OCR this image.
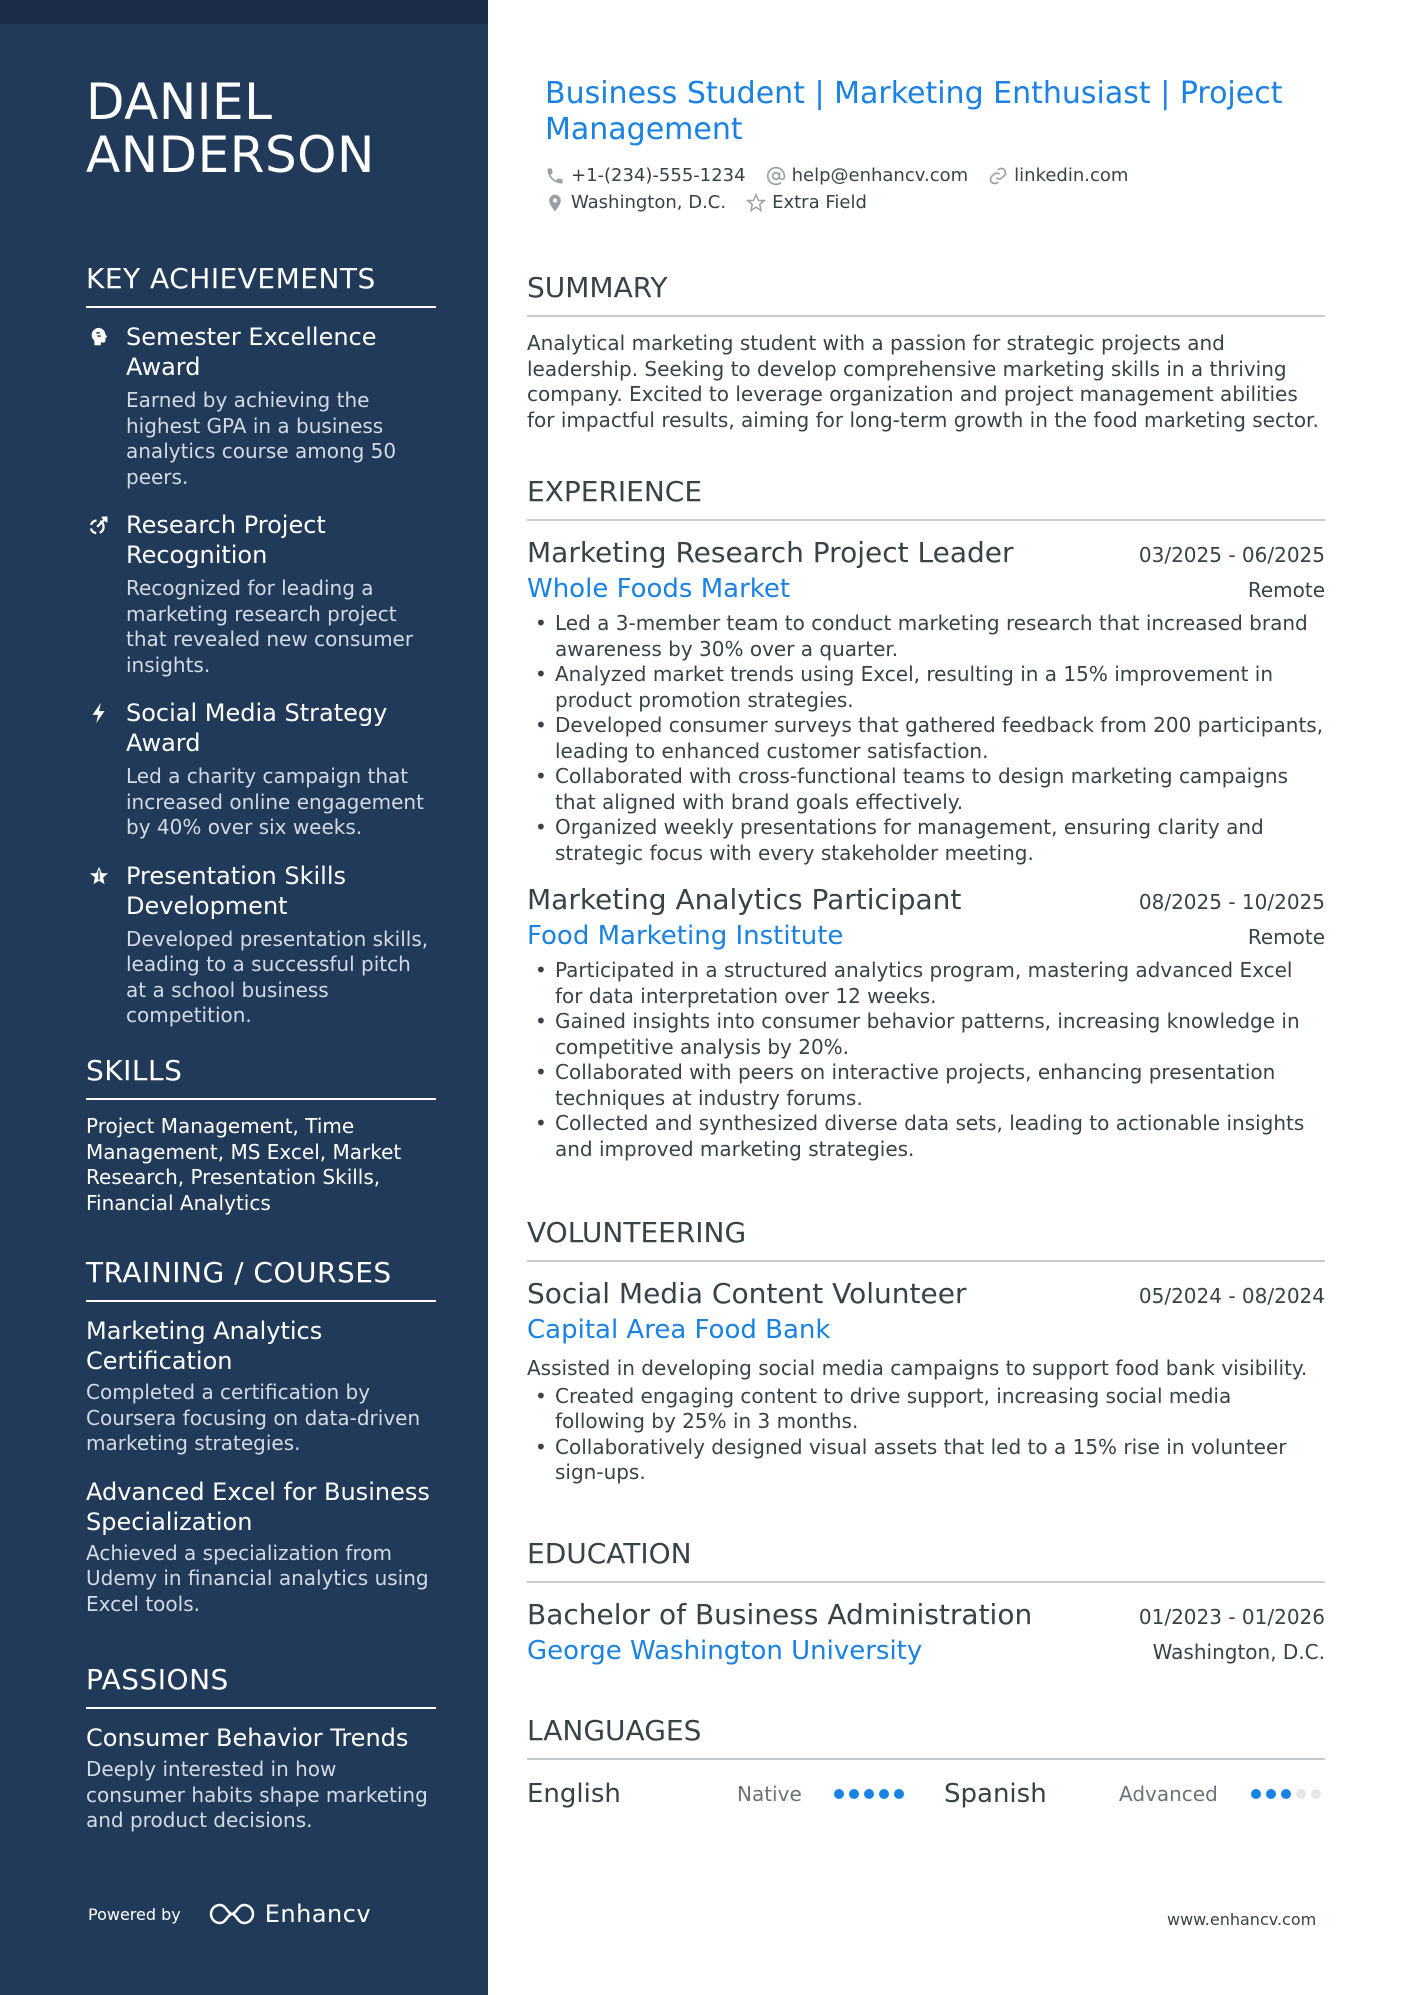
DANIEL ANDERSON
KEY ACHIEVEMENTS
Semester Excellence Award
Earned by achieving the highest GPA in a business analytics course among 50 peers.
Research Project Recognition
Recognized for leading a marketing research project that revealed new consumer insights.
Social Media Strategy Award
Led a charity campaign that increased online engagement by 40% over six weeks.
Presentation Skills Development
Developed presentation skills, leading to a successful pitch at a school business competition.
SKILLS
Project Management, Time Management, MS Excel, Market Research, Presentation Skills, Financial Analytics
TRAINING / COURSES
Marketing Analytics Certification
Completed a certification by Coursera focusing on data-driven marketing strategies.
Advanced Excel for Business Specialization
Achieved a specialization from Udemy in financial analytics using Excel tools.
PASSIONS
Consumer Behavior Trends
Deeply interested in how consumer habits shape marketing and product decisions.
Powered by	Enhancv
Business Student | Marketing Enthusiast | Project Management
+1-(234)-555-1234	help@enhancv.com	linkedin.com
Washington, D.C.	Extra Field
SUMMARY

Analytical marketing student with a passion for strategic projects and leadership. Seeking to develop comprehensive marketing skills in a thriving company. Excited to leverage organization and project management abilities for impactful results, aiming for long-term growth in the food marketing sector.

EXPERIENCE
Marketing Research Project Leader	03/2025 - 06/2025
Whole Foods Market	Remote
• Led a 3-member team to conduct marketing research that increased brand awareness by 30% over a quarter.
• Analyzed market trends using Excel, resulting in a 15% improvement in product promotion strategies.
• Developed consumer surveys that gathered feedback from 200 participants, leading to enhanced customer satisfaction.
• Collaborated with cross-functional teams to design marketing campaigns that aligned with brand goals effectively.
• Organized weekly presentations for management, ensuring clarity and strategic focus with every stakeholder meeting.
Marketing Analytics Participant	08/2025 - 10/2025
Food Marketing Institute	Remote
• Participated in a structured analytics program, mastering advanced Excel for data interpretation over 12 weeks.
• Gained insights into consumer behavior patterns, increasing knowledge in competitive analysis by 20%.
• Collaborated with peers on interactive projects, enhancing presentation techniques at industry forums.
• Collected and synthesized diverse data sets, leading to actionable insights and improved marketing strategies.
VOLUNTEERING
Social Media Content Volunteer	05/2024 - 08/2024
Capital Area Food Bank

Assisted in developing social media campaigns to support food bank visibility.

• Created engaging content to drive support, increasing social media following by 25% in 3 months.
• Collaboratively designed visual assets that led to a 15% rise in volunteer sign-ups.
EDUCATION
Bachelor of Business Administration	01/2023 - 01/2026
George Washington University	Washington, D.C.
LANGUAGES
English	Native	Spanish	Advanced
www.enhancv.com
